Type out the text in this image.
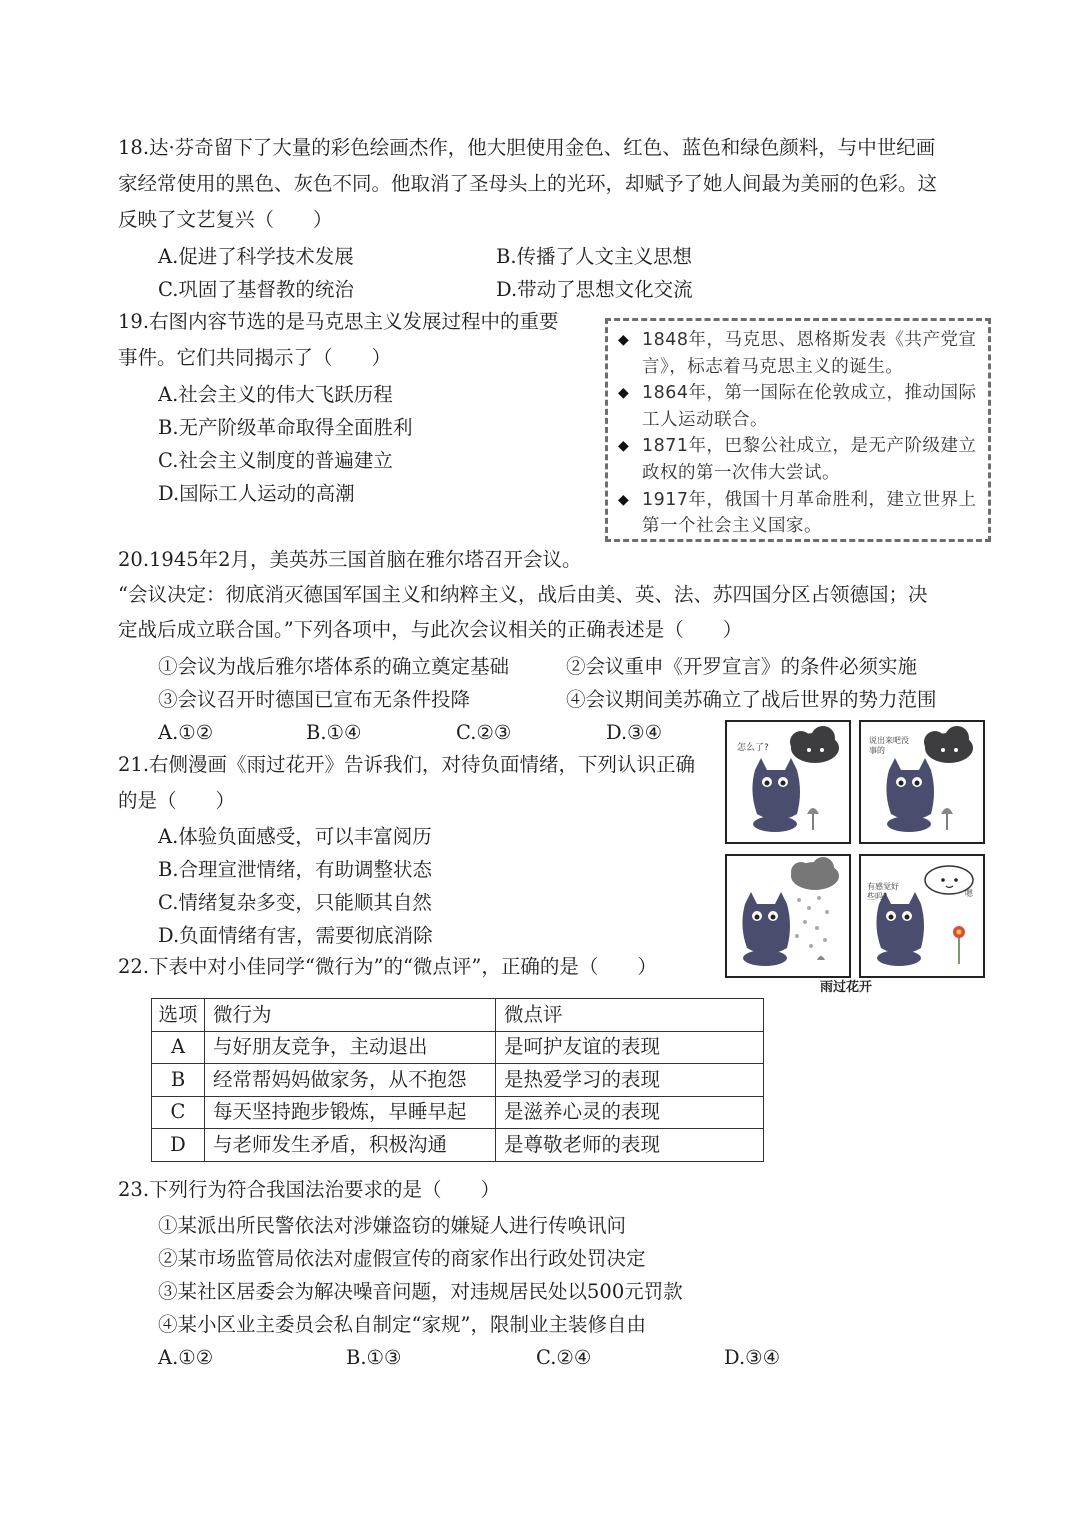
18.达·芬奇留下了大量的彩色绘画杰作，他大胆使用金色、红色、蓝色和绿色颜料，与中世纪画
家经常使用的黑色、灰色不同。他取消了圣母头上的光环，却赋予了她人间最为美丽的色彩。这
反映了文艺复兴（　　）
A.促进了科学技术发展	B.传播了人文主义思想
C.巩固了基督教的统治	D.带动了思想文化交流
19.右图内容节选的是马克思主义发展过程中的重要
事件。它们共同揭示了（　　）
A.社会主义的伟大飞跃历程
B.无产阶级革命取得全面胜利
C.社会主义制度的普遍建立
D.国际工人运动的高潮
◆ 1848年，马克思、恩格斯发表《共产党宣言》，标志着马克思主义的诞生。
◆ 1864年，第一国际在伦敦成立，推动国际工人运动联合。
◆ 1871年，巴黎公社成立，是无产阶级建立政权的第一次伟大尝试。
◆ 1917年，俄国十月革命胜利，建立世界上第一个社会主义国家。
20.1945年2月，美英苏三国首脑在雅尔塔召开会议。
“会议决定：彻底消灭德国军国主义和纳粹主义，战后由美、英、法、苏四国分区占领德国；决
定战后成立联合国。”下列各项中，与此次会议相关的正确表述是（　　）
①会议为战后雅尔塔体系的确立奠定基础	②会议重申《开罗宣言》的条件必须实施
③会议召开时德国已宣布无条件投降	④会议期间美苏确立了战后世界的势力范围
A.①②	B.①④	C.②③	D.③④
21.右侧漫画《雨过花开》告诉我们，对待负面情绪，下列认识正确
的是（　　）
A.体验负面感受，可以丰富阅历
B.合理宣泄情绪，有助调整状态
C.情绪复杂多变，只能顺其自然
D.负面情绪有害，需要彻底消除
怎么了?
说出来吧没事的
有感觉好些吗?	嗯
雨过花开
22.下表中对小佳同学“微行为”的“微点评”，正确的是（　　）
选项	微行为	微点评
A	与好朋友竞争，主动退出	是呵护友谊的表现
B	经常帮妈妈做家务，从不抱怨	是热爱学习的表现
C	每天坚持跑步锻炼，早睡早起	是滋养心灵的表现
D	与老师发生矛盾，积极沟通	是尊敬老师的表现
23.下列行为符合我国法治要求的是（　　）
①某派出所民警依法对涉嫌盗窃的嫌疑人进行传唤讯问
②某市场监管局依法对虚假宣传的商家作出行政处罚决定
③某社区居委会为解决噪音问题，对违规居民处以500元罚款
④某小区业主委员会私自制定“家规”，限制业主装修自由
A.①②	B.①③	C.②④	D.③④
